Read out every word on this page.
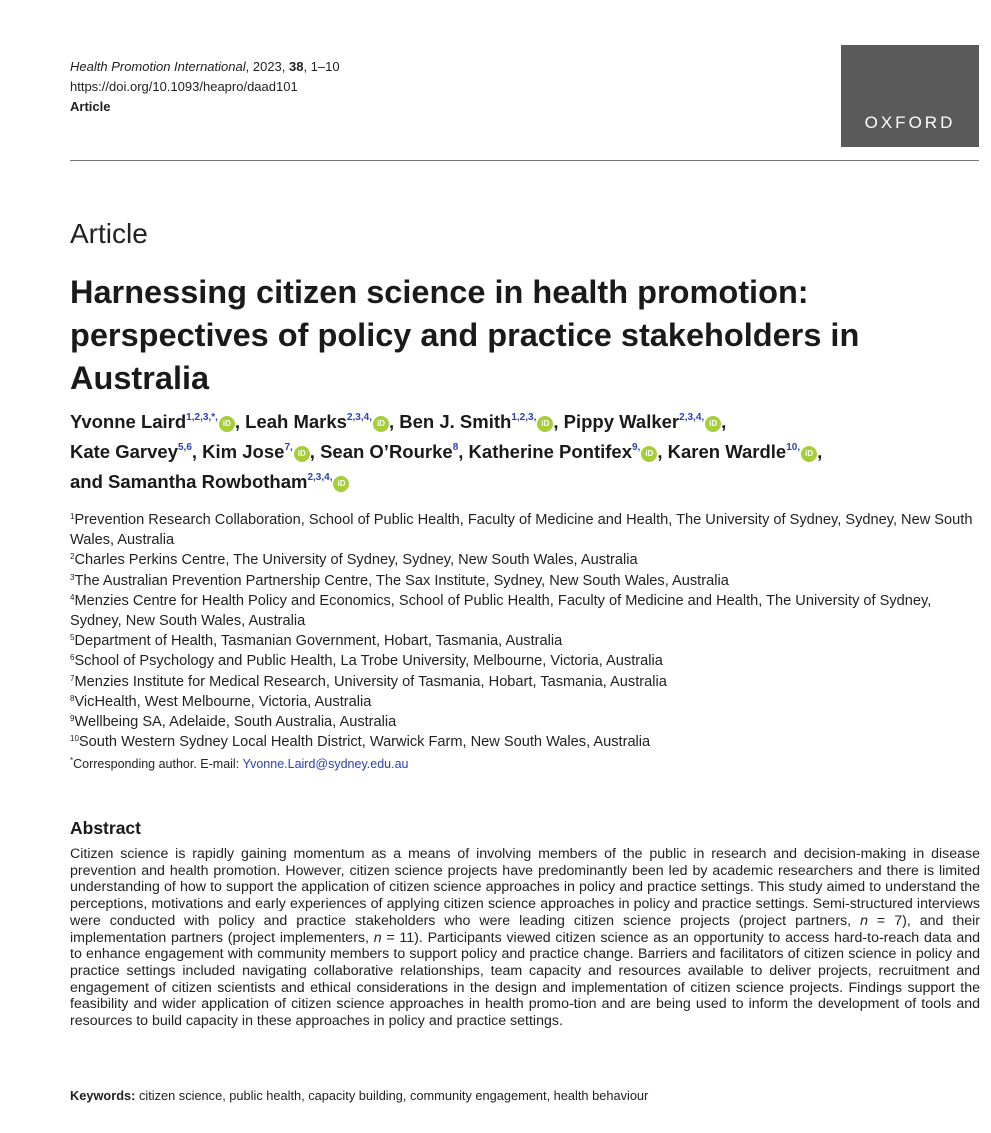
Health Promotion International, 2023, 38, 1–10
https://doi.org/10.1093/heapro/daad101
Article
OXFORD
Article
Harnessing citizen science in health promotion: perspectives of policy and practice stakeholders in Australia
Yvonne Laird$^{1,2,3,*,}$iD , Leah Marks$^{2,3,4,}$iD , Ben J. Smith$^{1,2,3,}$iD , Pippy Walker$^{2,3,4,}$iD ,
Kate Garvey$^{5,6}$, Kim Jose$^{7,}$iD , Sean O’Rourke$^8$, Katherine Pontifex$^{9,}$iD , Karen Wardle$^{10,}$iD ,
and Samantha Rowbotham$^{2,3,4,}$iD
$^1$Prevention Research Collaboration, School of Public Health, Faculty of Medicine and Health, The University of Sydney, Sydney, New South Wales, Australia
$^2$Charles Perkins Centre, The University of Sydney, Sydney, New South Wales, Australia
$^3$The Australian Prevention Partnership Centre, The Sax Institute, Sydney, New South Wales, Australia
$^4$Menzies Centre for Health Policy and Economics, School of Public Health, Faculty of Medicine and Health, The University of Sydney, Sydney, New South Wales, Australia
$^5$Department of Health, Tasmanian Government, Hobart, Tasmania, Australia
$^6$School of Psychology and Public Health, La Trobe University, Melbourne, Victoria, Australia
$^7$Menzies Institute for Medical Research, University of Tasmania, Hobart, Tasmania, Australia
$^8$VicHealth, West Melbourne, Victoria, Australia
$^9$Wellbeing SA, Adelaide, South Australia, Australia
$^{10}$South Western Sydney Local Health District, Warwick Farm, New South Wales, Australia
*Corresponding author. E-mail: Yvonne.Laird@sydney.edu.au
Abstract

Citizen science is rapidly gaining momentum as a means of involving members of the public in research and decision-making in disease prevention and health promotion. However, citizen science projects have predominantly been led by academic researchers and there is limited understanding of how to support the application of citizen science approaches in policy and practice settings. This study aimed to understand the perceptions, motivations and early experiences of applying citizen science approaches in policy and practice settings. Semi-structured interviews were conducted with policy and practice stakeholders who were leading citizen science projects (project partners, n = 7), and their implementation partners (project implementers, n = 11). Participants viewed citizen science as an opportunity to access hard-to-reach data and to enhance engagement with community members to support policy and practice change. Barriers and facilitators of citizen science in policy and practice settings included navigating collaborative relationships, team capacity and resources available to deliver projects, recruitment and engagement of citizen scientists and ethical considerations in the design and implementation of citizen science projects. Findings support the feasibility and wider application of citizen science approaches in health promo-tion and are being used to inform the development of tools and resources to build capacity in these approaches in policy and practice settings.

Keywords: citizen science, public health, capacity building, community engagement, health behaviour
